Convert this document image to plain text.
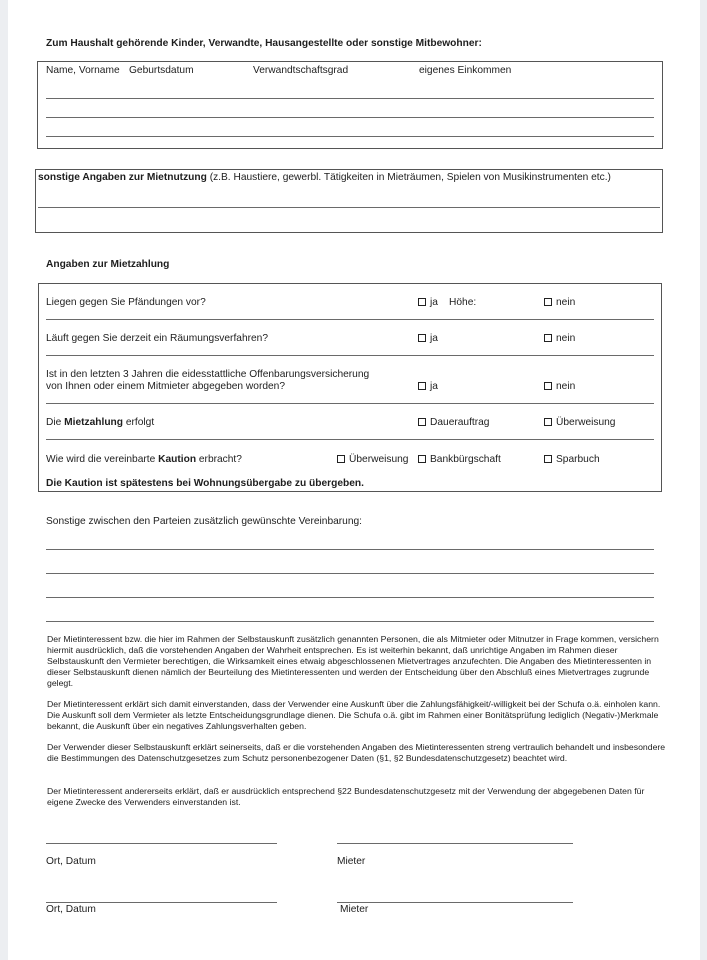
Zum Haushalt gehörende Kinder, Verwandte, Hausangestellte oder sonstige Mitbewohner:
Name, Vorname Geburtsdatum	Verwandtschaftsgrad	eigenes Einkommen
sonstige Angaben zur Mietnutzung (z.B. Haustiere, gewerbl. Tätigkeiten in Mieträumen, Spielen von Musikinstrumenten etc.)
Angaben zur Mietzahlung
Liegen gegen Sie Pfändungen vor?	ja Höhe:	nein
Läuft gegen Sie derzeit ein Räumungsverfahren?	ja	nein
Ist in den letzten 3 Jahren die eidesstattliche Offenbarungsversicherung
von Ihnen oder einem Mitmieter abgegeben worden?	ja	nein
Die Mietzahlung erfolgt	Dauerauftrag	Überweisung
Wie wird die vereinbarte Kaution erbracht?	Überweisung	Bankbürgschaft	Sparbuch
Die Kaution ist spätestens bei Wohnungsübergabe zu übergeben.
Sonstige zwischen den Parteien zusätzlich gewünschte Vereinbarung:
Der Mietinteressent bzw. die hier im Rahmen der Selbstauskunft zusätzlich genannten Personen, die als Mitmieter oder Mitnutzer in Frage kommen, versichern hiermit ausdrücklich, daß die vorstehenden Angaben der Wahrheit entsprechen. Es ist weiterhin bekannt, daß unrichtige Angaben im Rahmen dieser Selbstauskunft den Vermieter berechtigen, die Wirksamkeit eines etwaig abgeschlossenen Mietvertrages anzufechten. Die Angaben des Mietinteressenten in dieser Selbstauskunft dienen nämlich der Beurteilung des Mietinteressenten und werden der Entscheidung über den Abschluß eines Mietvertrages zugrunde gelegt.
Der Mietinteressent erklärt sich damit einverstanden, dass der Verwender eine Auskunft über die Zahlungsfähigkeit/-willigkeit bei der Schufa o.ä. einholen kann. Die Auskunft soll dem Vermieter als letzte Entscheidungsgrundlage dienen. Die Schufa o.ä. gibt im Rahmen einer Bonitätsprüfung lediglich (Negativ-)Merkmale bekannt, die Auskunft über ein negatives Zahlungsverhalten geben.
Der Verwender dieser Selbstauskunft erklärt seinerseits, daß er die vorstehenden Angaben des Mietinteressenten streng vertraulich behandelt und insbesondere die Bestimmungen des Datenschutzgesetzes zum Schutz personenbezogener Daten (§1, §2 Bundesdatenschutzgesetz) beachtet wird.
Der Mietinteressent andererseits erklärt, daß er ausdrücklich entsprechend §22 Bundesdatenschutzgesetz mit der Verwendung der abgegebenen Daten für eigene Zwecke des Verwenders einverstanden ist.
Ort, Datum	Mieter
Ort, Datum	Mieter
